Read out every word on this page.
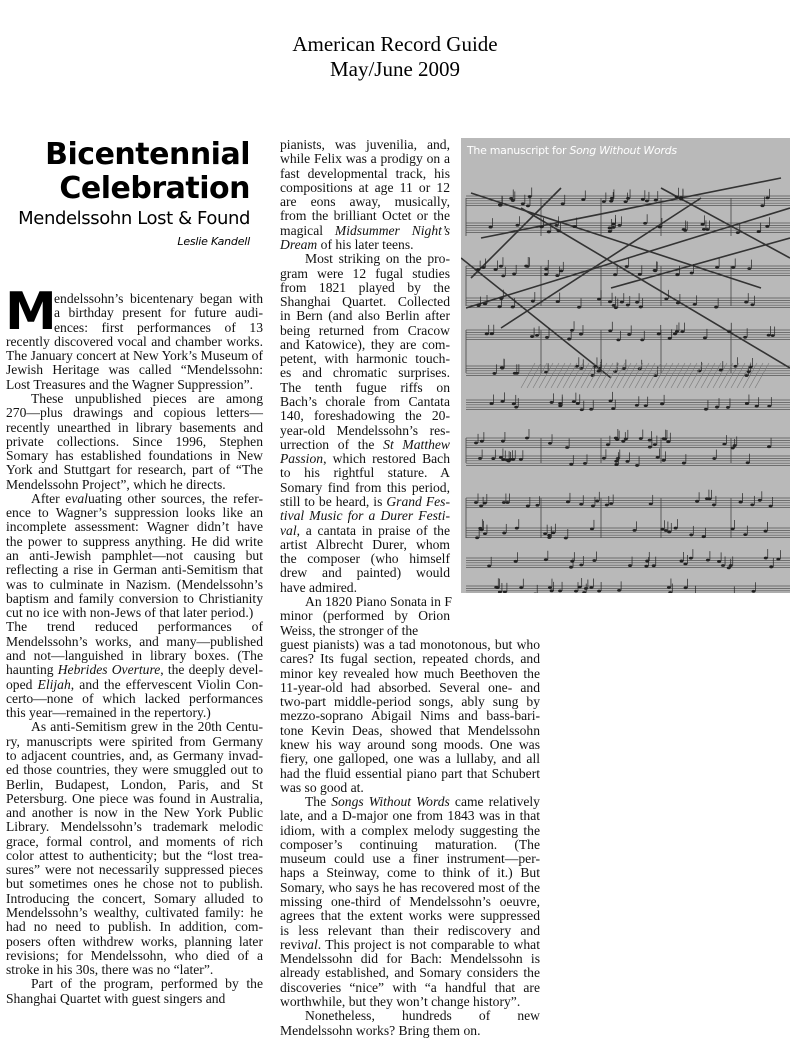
American Record Guide
May/June 2009
Bicentennial
Celebration
Mendelssohn Lost & Found
Leslie Kandell
M
endelssohn’s bicentenary began with
a birthday present for future audi-
ences: first performances of 13
recently discovered vocal and chamber works.
The January concert at New York’s Museum of
Jewish Heritage was called “Mendelssohn:
Lost Treasures and the Wagner Suppression”.
These unpublished pieces are among
270—plus drawings and copious letters—
recently unearthed in library basements and
private collections. Since 1996, Stephen
Somary has established foundations in New
York and Stuttgart for research, part of “The
Mendelssohn Project”, which he directs.
After evaluating other sources, the refer-
ence to Wagner’s suppression looks like an
incomplete assessment: Wagner didn’t have
the power to suppress anything. He did write
an anti-Jewish pamphlet—not causing but
reflecting a rise in German anti-Semitism that
was to culminate in Nazism. (Mendelssohn’s
baptism and family conversion to Christianity
cut no ice with non-Jews of that later period.)
The trend reduced performances of
Mendelssohn’s works, and many—published
and not—languished in library boxes. (The
haunting Hebrides Overture, the deeply devel-
oped Elijah, and the effervescent Violin Con-
certo—none of which lacked performances
this year—remained in the repertory.)
As anti-Semitism grew in the 20th Centu-
ry, manuscripts were spirited from Germany
to adjacent countries, and, as Germany invad-
ed those countries, they were smuggled out to
Berlin, Budapest, London, Paris, and St
Petersburg. One piece was found in Australia,
and another is now in the New York Public
Library. Mendelssohn’s trademark melodic
grace, formal control, and moments of rich
color attest to authenticity; but the “lost trea-
sures” were not necessarily suppressed pieces
but sometimes ones he chose not to publish.
Introducing the concert, Somary alluded to
Mendelssohn’s wealthy, cultivated family: he
had no need to publish. In addition, com-
posers often withdrew works, planning later
revisions; for Mendelssohn, who died of a
stroke in his 30s, there was no “later”.
Part of the program, performed by the
Shanghai Quartet with guest singers and
pianists, was juvenilia, and,
while Felix was a prodigy on a
fast developmental track, his
compositions at age 11 or 12
are eons away, musically,
from the brilliant Octet or the
magical Midsummer Night’s
Dream of his later teens.
Most striking on the pro-
gram were 12 fugal studies
from 1821 played by the
Shanghai Quartet. Collected
in Bern (and also Berlin after
being returned from Cracow
and Katowice), they are com-
petent, with harmonic touch-
es and chromatic surprises.
The tenth fugue riffs on
Bach’s chorale from Cantata
140, foreshadowing the 20-
year-old Mendelssohn’s res-
urrection of the St Matthew
Passion, which restored Bach
to his rightful stature. A
Somary find from this period,
still to be heard, is Grand Fes-
tival Music for a Durer Festi-
val, a cantata in praise of the
artist Albrecht Durer, whom
the composer (who himself
drew and painted) would
have admired.
An 1820 Piano Sonata in F
minor (performed by Orion
Weiss, the stronger of the
guest pianists) was a tad monotonous, but who
cares? Its fugal section, repeated chords, and
minor key revealed how much Beethoven the
11-year-old had absorbed. Several one- and
two-part middle-period songs, ably sung by
mezzo-soprano Abigail Nims and bass-bari-
tone Kevin Deas, showed that Mendelssohn
knew his way around song moods. One was
fiery, one galloped, one was a lullaby, and all
had the fluid essential piano part that Schubert
was so good at.
The Songs Without Words came relatively
late, and a D-major one from 1843 was in that
idiom, with a complex melody suggesting the
composer’s continuing maturation. (The
museum could use a finer instrument—per-
haps a Steinway, come to think of it.) But
Somary, who says he has recovered most of the
missing one-third of Mendelssohn’s oeuvre,
agrees that the extent works were suppressed
is less relevant than their rediscovery and
revival. This project is not comparable to what
Mendelssohn did for Bach: Mendelssohn is
already established, and Somary considers the
discoveries “nice” with “a handful that are
worthwhile, but they won’t change history”.
Nonetheless, hundreds of new
Mendelssohn works? Bring them on.
The manuscript for Song Without Words
